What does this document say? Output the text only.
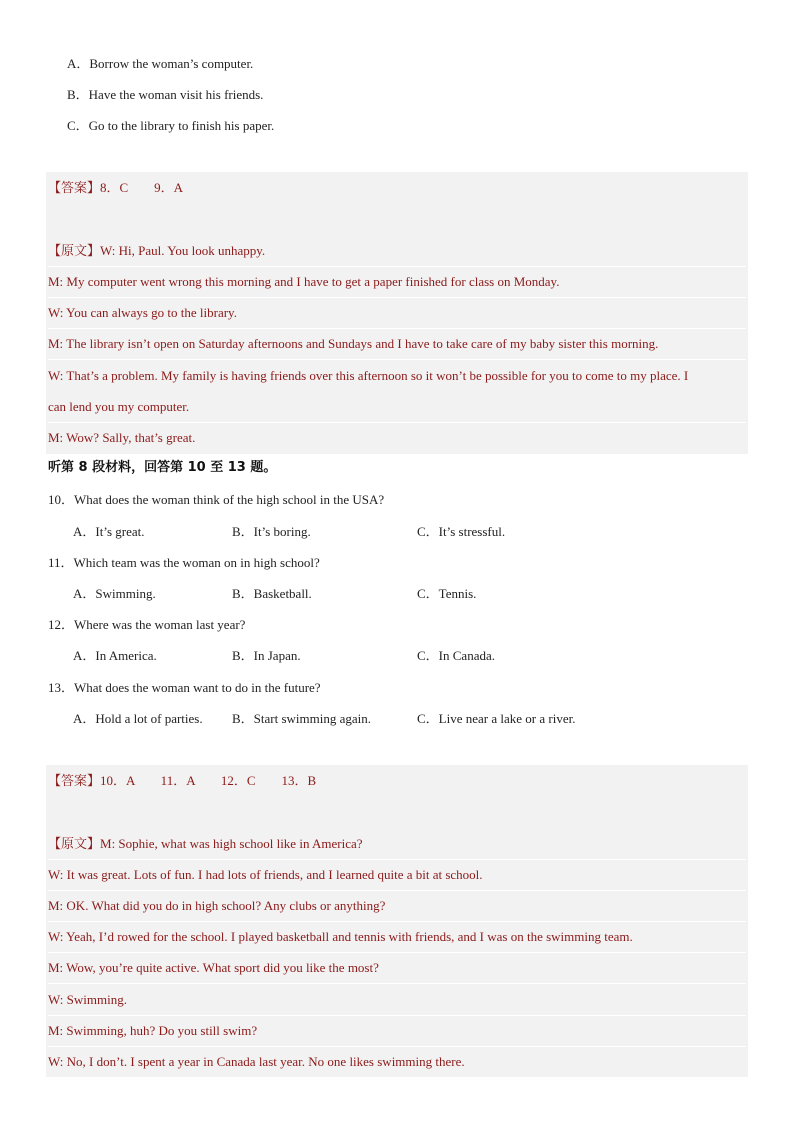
A．Borrow the woman’s computer.
B．Have the woman visit his friends.
C．Go to the library to finish his paper.
【答案】8．C　　9．A
【原文】W: Hi, Paul. You look unhappy.
M: My computer went wrong this morning and I have to get a paper finished for class on Monday.
W: You can always go to the library.
M: The library isn’t open on Saturday afternoons and Sundays and I have to take care of my baby sister this morning.
W: That’s a problem. My family is having friends over this afternoon so it won’t be possible for you to come to my place. I
can lend you my computer.
M: Wow? Sally, that’s great.
听第 8 段材料，回答第 10 至 13 题。
10．What does the woman think of the high school in the USA?
A．It’s great.	B．It’s boring.	C．It’s stressful.
11．Which team was the woman on in high school?
A．Swimming.	B．Basketball.	C．Tennis.
12．Where was the woman last year?
A．In America.	B．In Japan.	C．In Canada.
13．What does the woman want to do in the future?
A．Hold a lot of parties. B．Start swimming again.	C．Live near a lake or a river.
【答案】10．A　　11．A　　12．C　　13．B
【原文】M: Sophie, what was high school like in America?
W: It was great. Lots of fun. I had lots of friends, and I learned quite a bit at school.
M: OK. What did you do in high school? Any clubs or anything?
W: Yeah, I’d rowed for the school. I played basketball and tennis with friends, and I was on the swimming team.
M: Wow, you’re quite active. What sport did you like the most?
W: Swimming.
M: Swimming, huh? Do you still swim?
W: No, I don’t. I spent a year in Canada last year. No one likes swimming there.
